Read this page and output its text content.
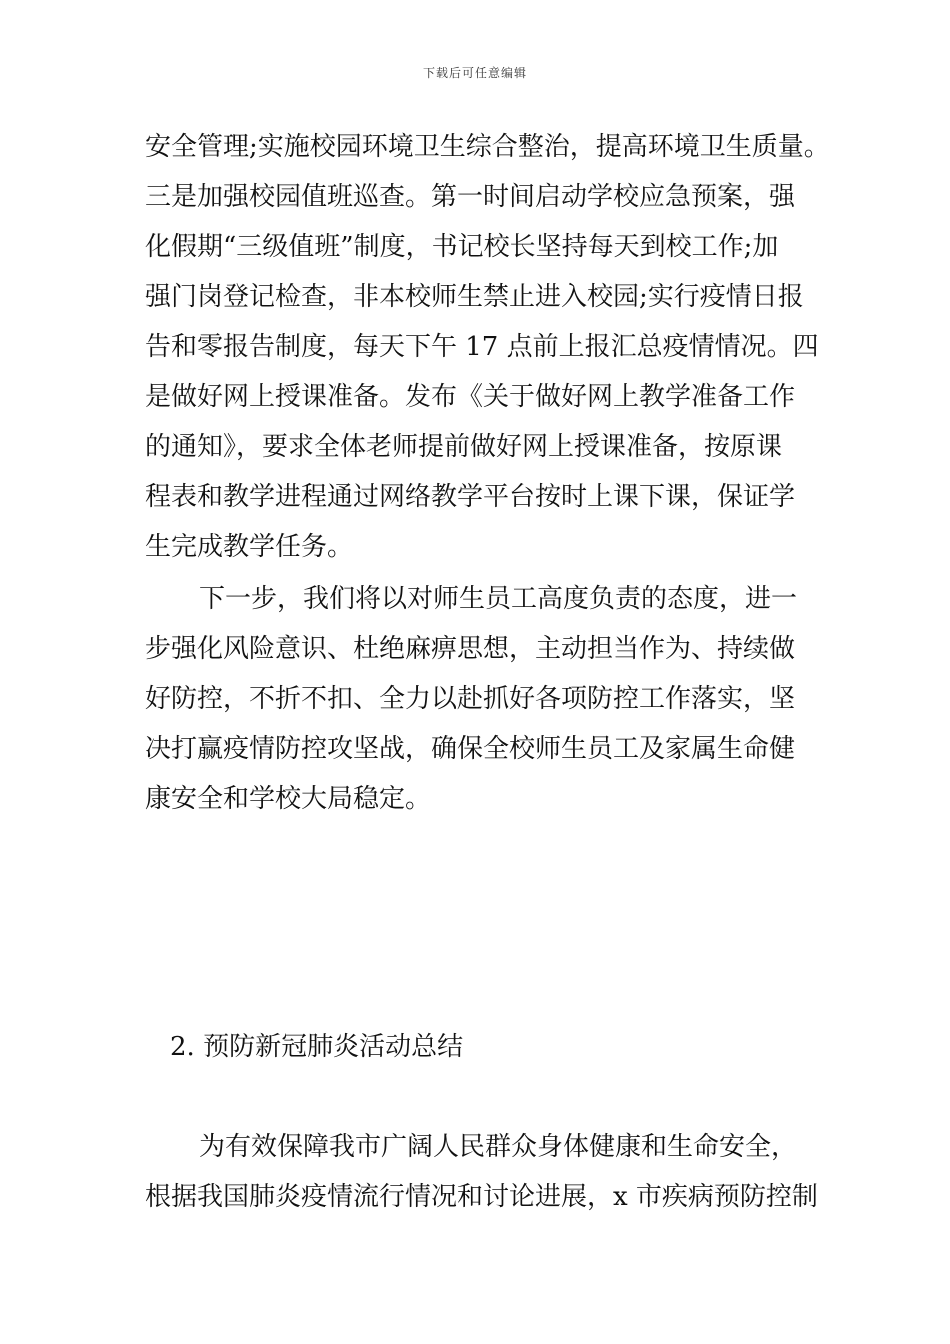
下载后可任意编辑
安全管理;实施校园环境卫生综合整治，提高环境卫生质量。
三是加强校园值班巡查。第一时间启动学校应急预案，强
化假期“三级值班”制度，书记校长坚持每天到校工作;加
强门岗登记检查，非本校师生禁止进入校园;实行疫情日报
告和零报告制度，每天下午 17 点前上报汇总疫情情况。四
是做好网上授课准备。发布《关于做好网上教学准备工作
的通知》，要求全体老师提前做好网上授课准备，按原课
程表和教学进程通过网络教学平台按时上课下课，保证学
生完成教学任务。
下一步，我们将以对师生员工高度负责的态度，进一
步强化风险意识、杜绝麻痹思想，主动担当作为、持续做
好防控，不折不扣、全力以赴抓好各项防控工作落实，坚
决打赢疫情防控攻坚战，确保全校师生员工及家属生命健
康安全和学校大局稳定。
2. 预防新冠肺炎活动总结
为有效保障我市广阔人民群众身体健康和生命安全，
根据我国肺炎疫情流行情况和讨论进展，x 市疾病预防控制
